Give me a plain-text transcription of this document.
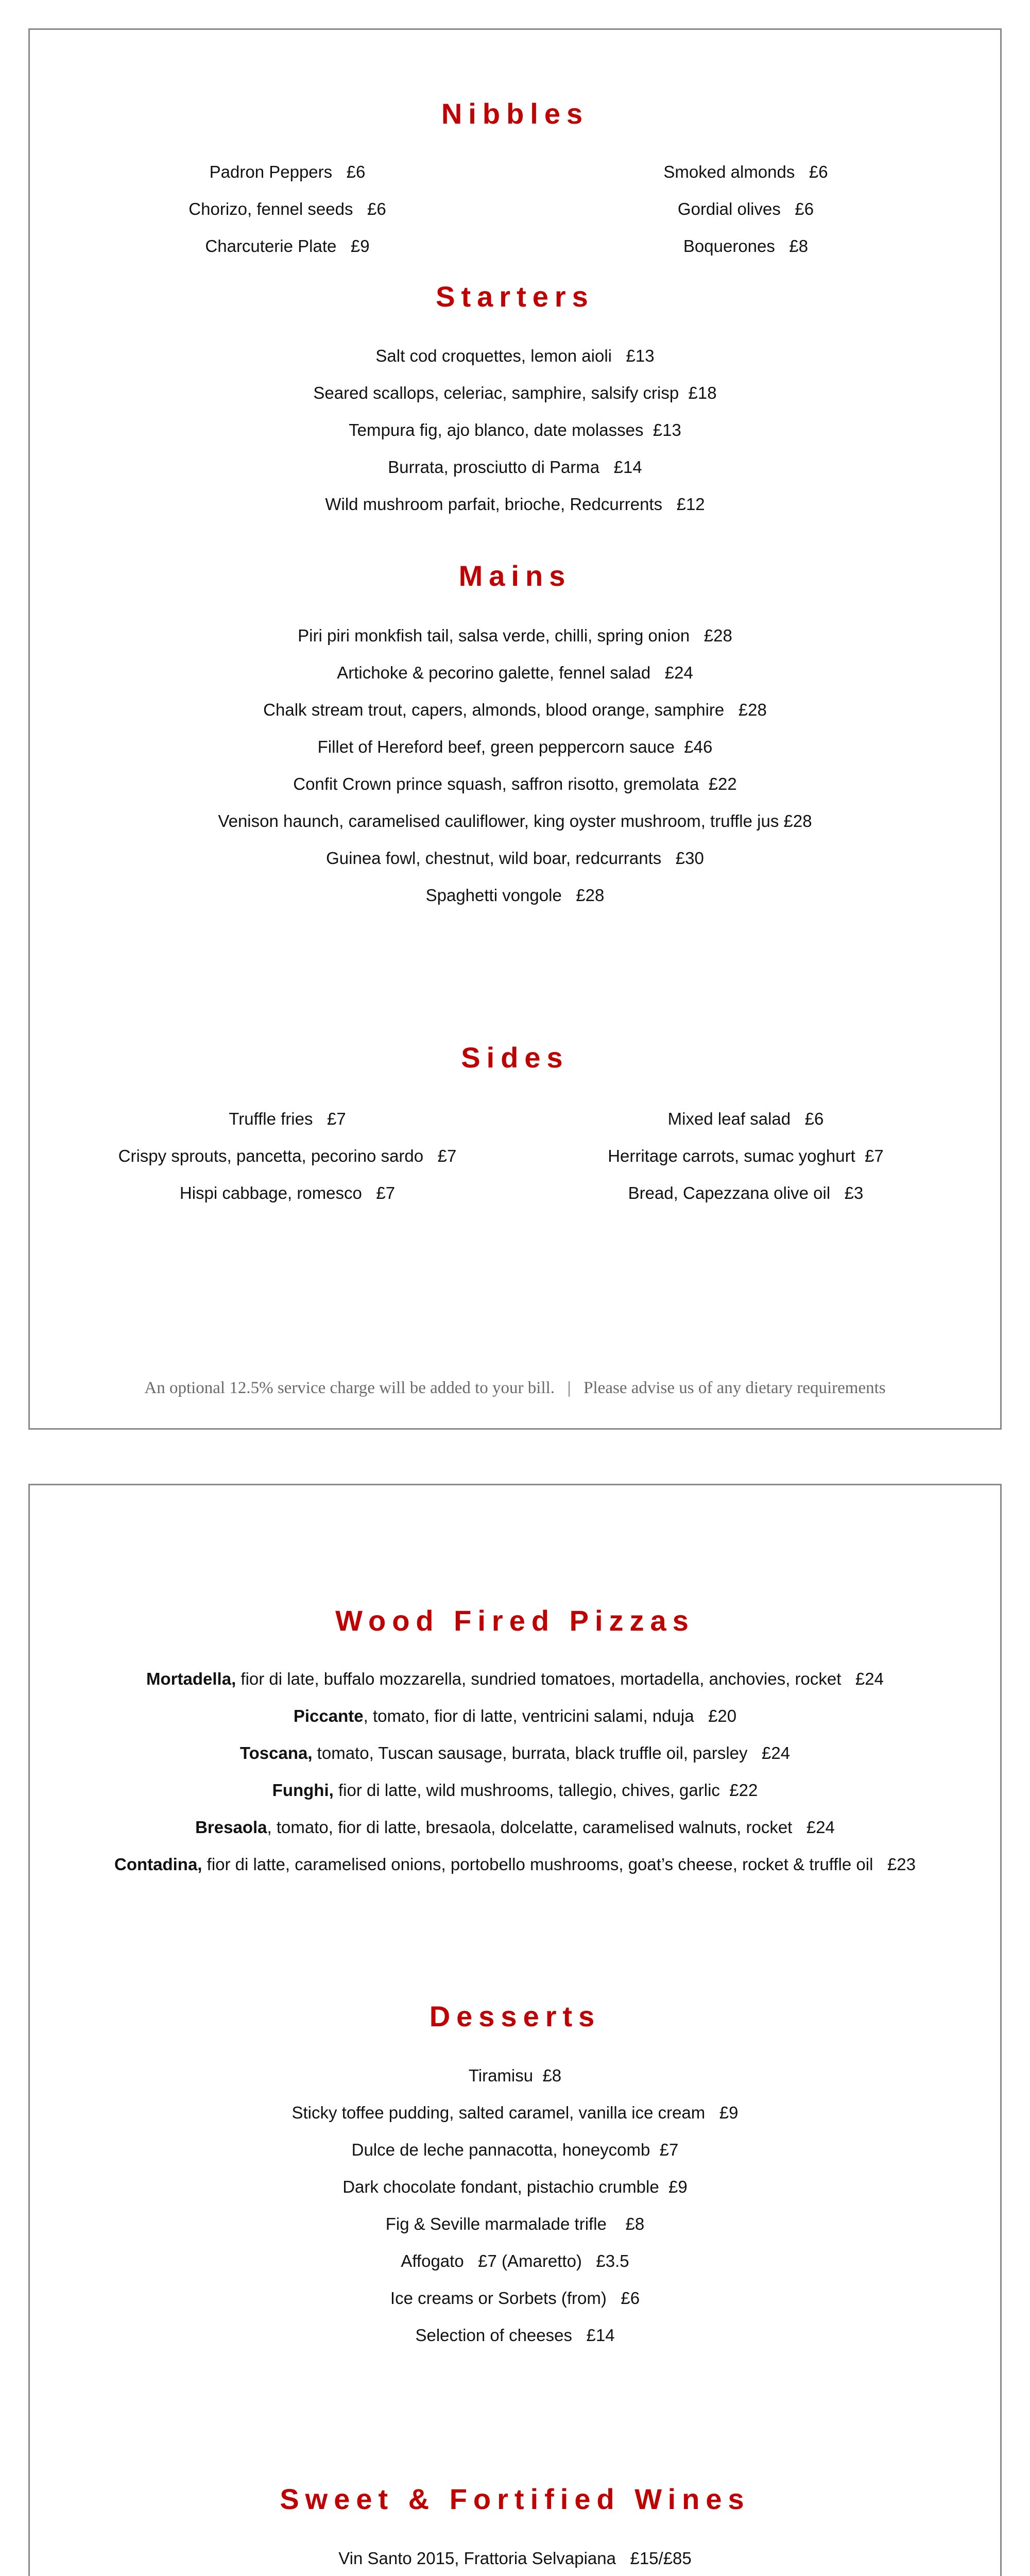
Nibbles
Padron Peppers   £6
Chorizo, fennel seeds   £6
Charcuterie Plate   £9
Smoked almonds   £6
Gordial olives   £6
Boquerones   £8
Starters
Salt cod croquettes, lemon aioli   £13
Seared scallops, celeriac, samphire, salsify crisp  £18
Tempura fig, ajo blanco, date molasses  £13
Burrata, prosciutto di Parma   £14
Wild mushroom parfait, brioche, Redcurrents   £12
Mains
Piri piri monkfish tail, salsa verde, chilli, spring onion   £28
Artichoke & pecorino galette, fennel salad   £24
Chalk stream trout, capers, almonds, blood orange, samphire   £28
Fillet of Hereford beef, green peppercorn sauce  £46
Confit Crown prince squash, saffron risotto, gremolata  £22
Venison haunch, caramelised cauliflower, king oyster mushroom, truffle jus £28
Guinea fowl, chestnut, wild boar, redcurrants   £30
Spaghetti vongole   £28
Sides
Truffle fries   £7
Crispy sprouts, pancetta, pecorino sardo   £7
Hispi cabbage, romesco   £7
Mixed leaf salad   £6
Herritage carrots, sumac yoghurt  £7
Bread, Capezzana olive oil   £3
An optional 12.5% service charge will be added to your bill.   |   Please advise us of any dietary requirements
Wood Fired Pizzas
Mortadella, fior di late, buffalo mozzarella, sundried tomatoes, mortadella, anchovies, rocket   £24
Piccante, tomato, fior di latte, ventricini salami, nduja   £20
Toscana, tomato, Tuscan sausage, burrata, black truffle oil, parsley   £24
Funghi, fior di latte, wild mushrooms, tallegio, chives, garlic  £22
Bresaola, tomato, fior di latte, bresaola, dolcelatte, caramelised walnuts, rocket   £24
Contadina, fior di latte, caramelised onions, portobello mushrooms, goat’s cheese, rocket & truffle oil   £23
Desserts
Tiramisu  £8
Sticky toffee pudding, salted caramel, vanilla ice cream   £9
Dulce de leche pannacotta, honeycomb  £7
Dark chocolate fondant, pistachio crumble  £9
Fig & Seville marmalade trifle    £8
Affogato   £7 (Amaretto)   £3.5
Ice creams or Sorbets (from)   £6
Selection of cheeses   £14
Sweet & Fortified Wines
Vin Santo 2015, Frattoria Selvapiana   £15/£85
